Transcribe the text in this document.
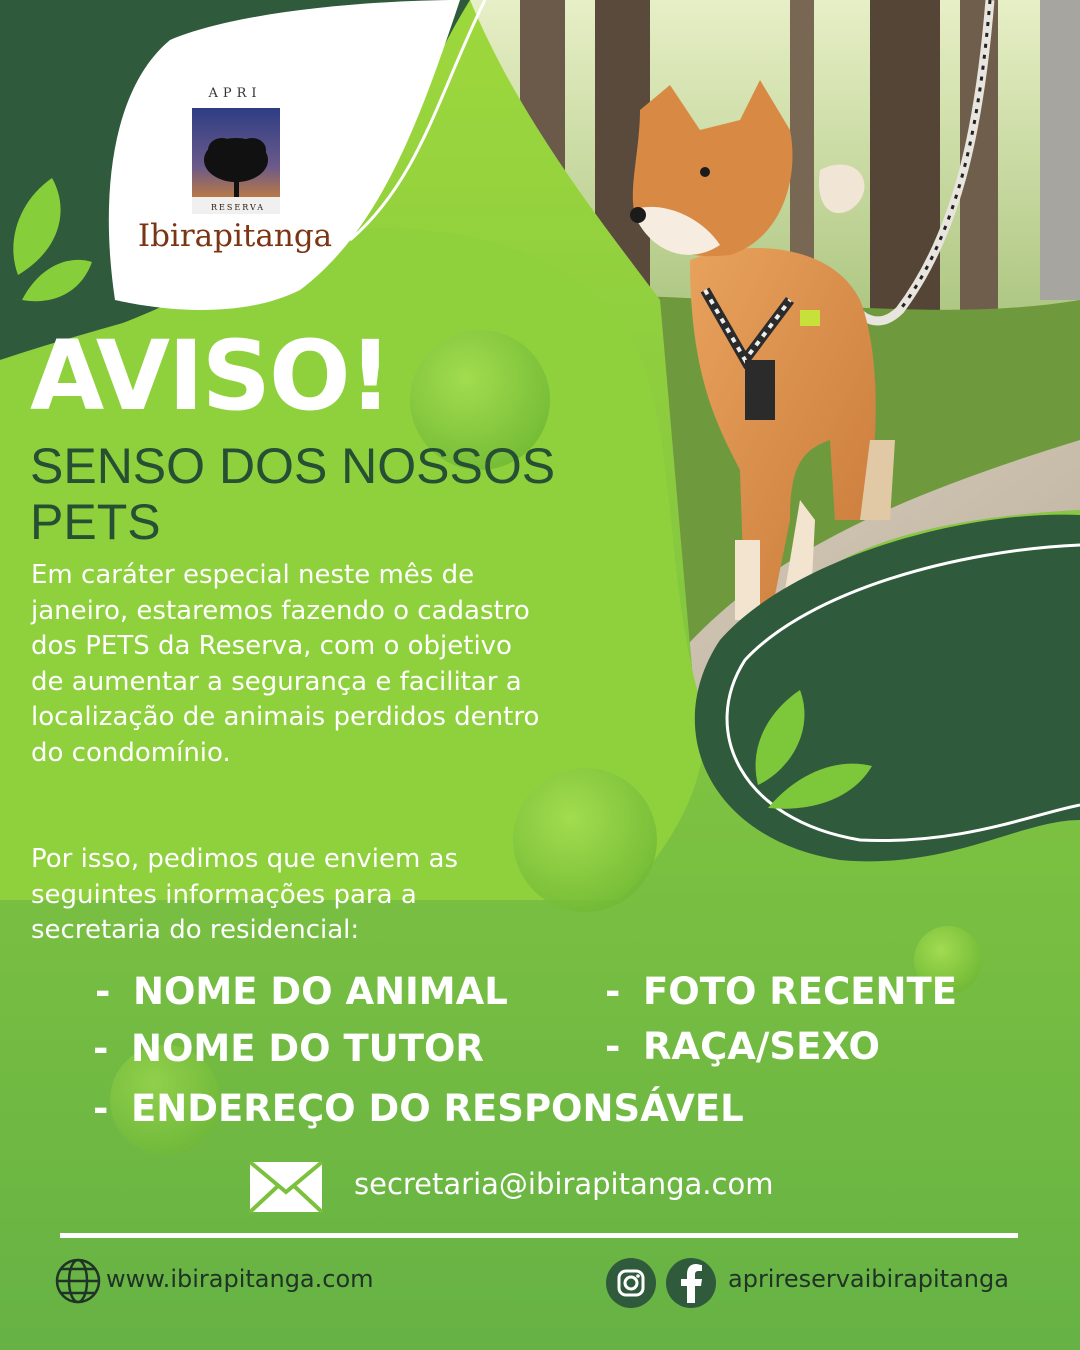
APRI
RESERVA
Ibirapitanga
AVISO!
SENSO DOS NOSSOS PETS
Em caráter especial neste mês de janeiro, estaremos fazendo o cadastro dos PETS da Reserva, com o objetivo de aumentar a segurança e facilitar a localização de animais perdidos dentro do condomínio.
Por isso, pedimos que enviem as seguintes informações para a secretaria do residencial:
- NOME DO ANIMAL	- FOTO RECENTE
- NOME DO TUTOR	- RAÇA/SEXO
- ENDEREÇO DO RESPONSÁVEL
secretaria@ibirapitanga.com
www.ibirapitanga.com	aprireservaibirapitanga
